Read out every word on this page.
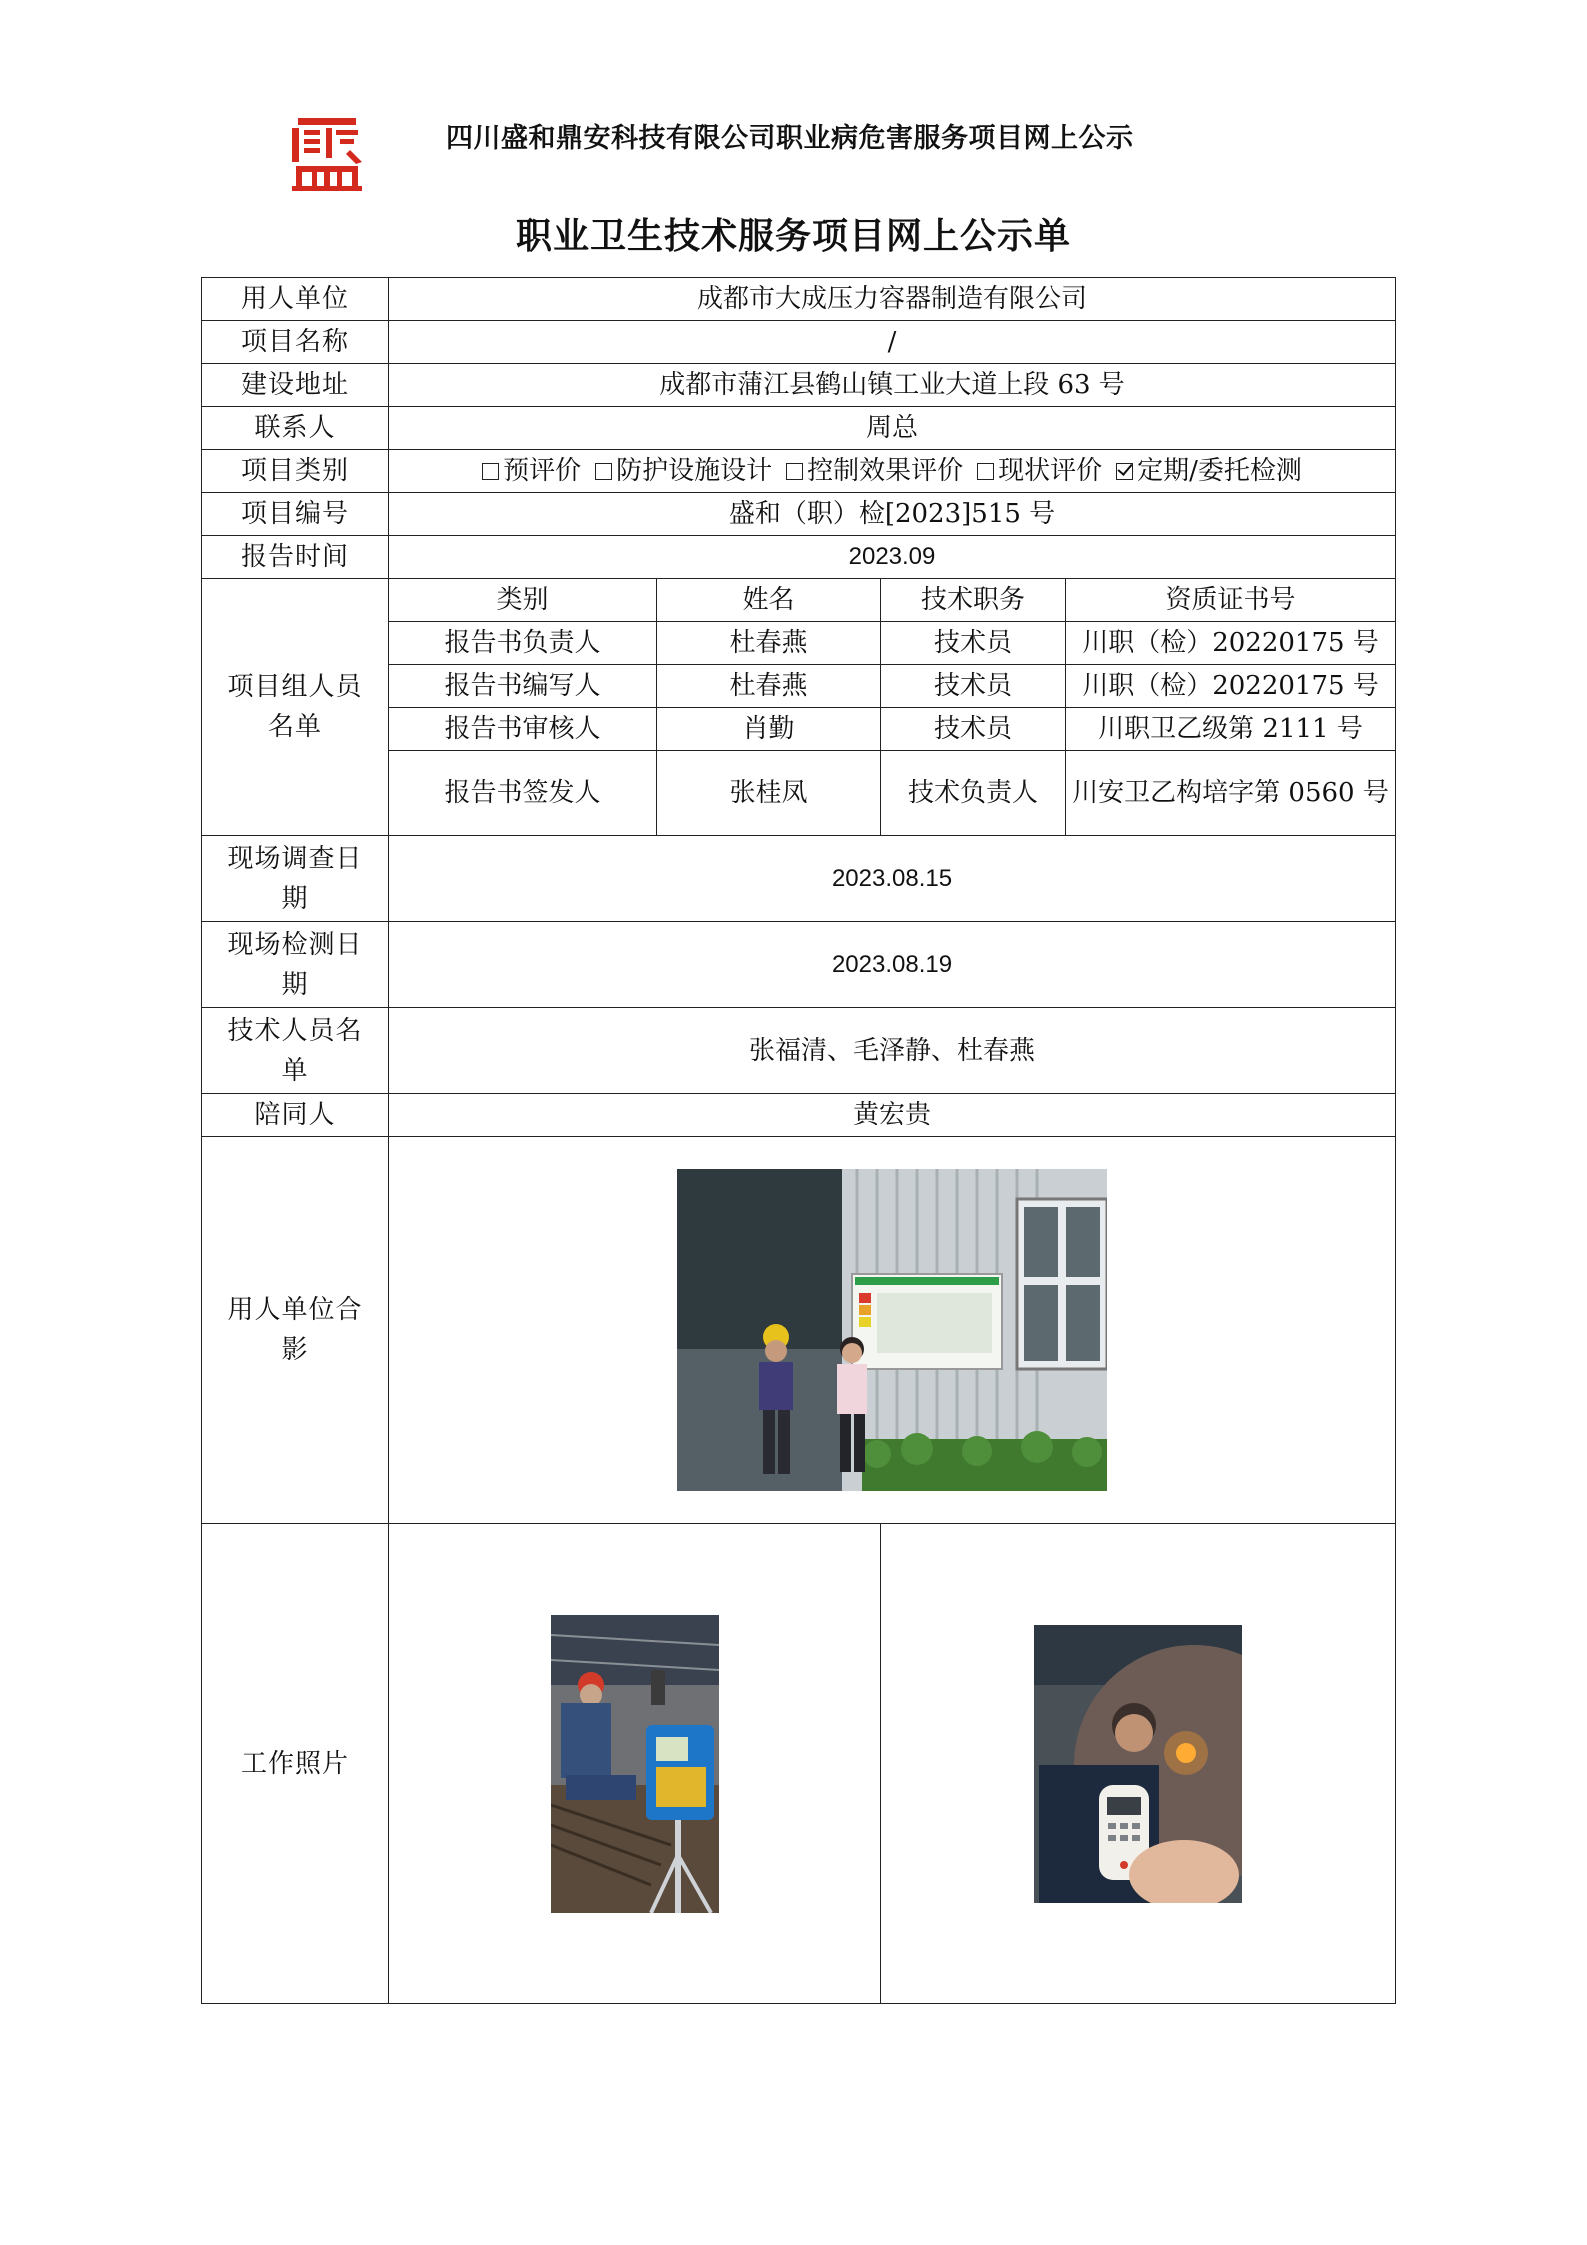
四川盛和鼎安科技有限公司职业病危害服务项目网上公示
职业卫生技术服务项目网上公示单
用人单位	成都市大成压力容器制造有限公司			
项目名称	/			
建设地址	成都市蒲江县鹤山镇工业大道上段 63 号			
联系人	周总			
项目类别	预评价 防护设施设计 控制效果评价 现状评价 定期/委托检测			
项目编号	盛和（职）检[2023]515 号			
报告时间	2023.09			
项目组人员
名单	类别	姓名	技术职务	资质证书号
	报告书负责人	杜春燕	技术员	川职（检）20220175 号
	报告书编写人	杜春燕	技术员	川职（检）20220175 号
	报告书审核人	肖勤	技术员	川职卫乙级第 2111 号
	报告书签发人	张桂凤	技术负责人	川安卫乙构培字第 0560 号
现场调查日
期	2023.08.15			
现场检测日
期	2023.08.19			
技术人员名
单	张福清、毛泽静、杜春燕			
陪同人	黄宏贵			
用人单位合
影	

工作照片	
